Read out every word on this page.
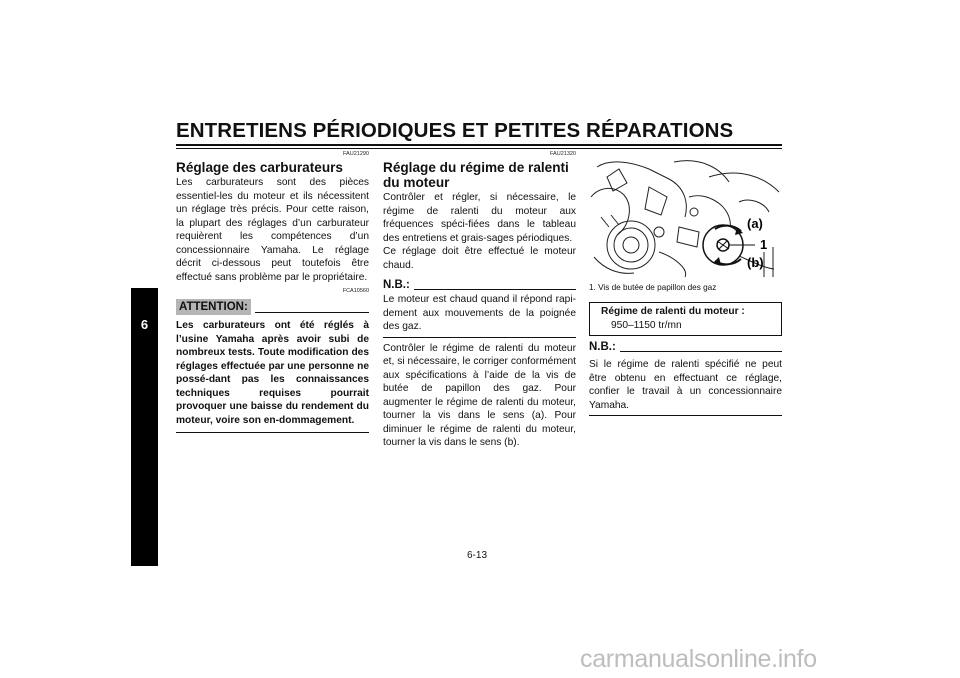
ENTRETIENS PÉRIODIQUES ET PETITES RÉPARATIONS
6
FAU21290
Réglage des carburateurs

Les carburateurs sont des pièces essentiel-les du moteur et ils nécessitent un réglage très précis. Pour cette raison, la plupart des réglages d’un carburateur requièrent les compétences d’un concessionnaire Yamaha. Le réglage décrit ci-dessous peut toutefois être effectué sans problème par le propriétaire.

FCA10560
ATTENTION:

Les carburateurs ont été réglés à l’usine Yamaha après avoir subi de nombreux tests. Toute modification des réglages effectuée par une personne ne possé-dant pas les connaissances techniques requises pourrait provoquer une baisse du rendement du moteur, voire son en-dommagement.

FAU21320
Réglage du régime de ralenti du moteur

Contrôler et régler, si nécessaire, le régime de ralenti du moteur aux fréquences spéci-fiées dans le tableau des entretiens et grais-sages périodiques.

Ce réglage doit être effectué le moteur chaud.

N.B.:

Le moteur est chaud quand il répond rapi-dement aux mouvements de la poignée des gaz.

Contrôler le régime de ralenti du moteur et, si nécessaire, le corriger conformément aux spécifications à l’aide de la vis de butée de papillon des gaz. Pour augmenter le régime de ralenti du moteur, tourner la vis dans le sens (a). Pour diminuer le régime de ralenti du moteur, tourner la vis dans le sens (b).

(a)
1
(b)
1. Vis de butée de papillon des gaz
Régime de ralenti du moteur :
950–1150 tr/mn
N.B.:

Si le régime de ralenti spécifié ne peut être obtenu en effectuant ce réglage, confier le travail à un concessionnaire Yamaha.

6-13
carmanualsonline.info
